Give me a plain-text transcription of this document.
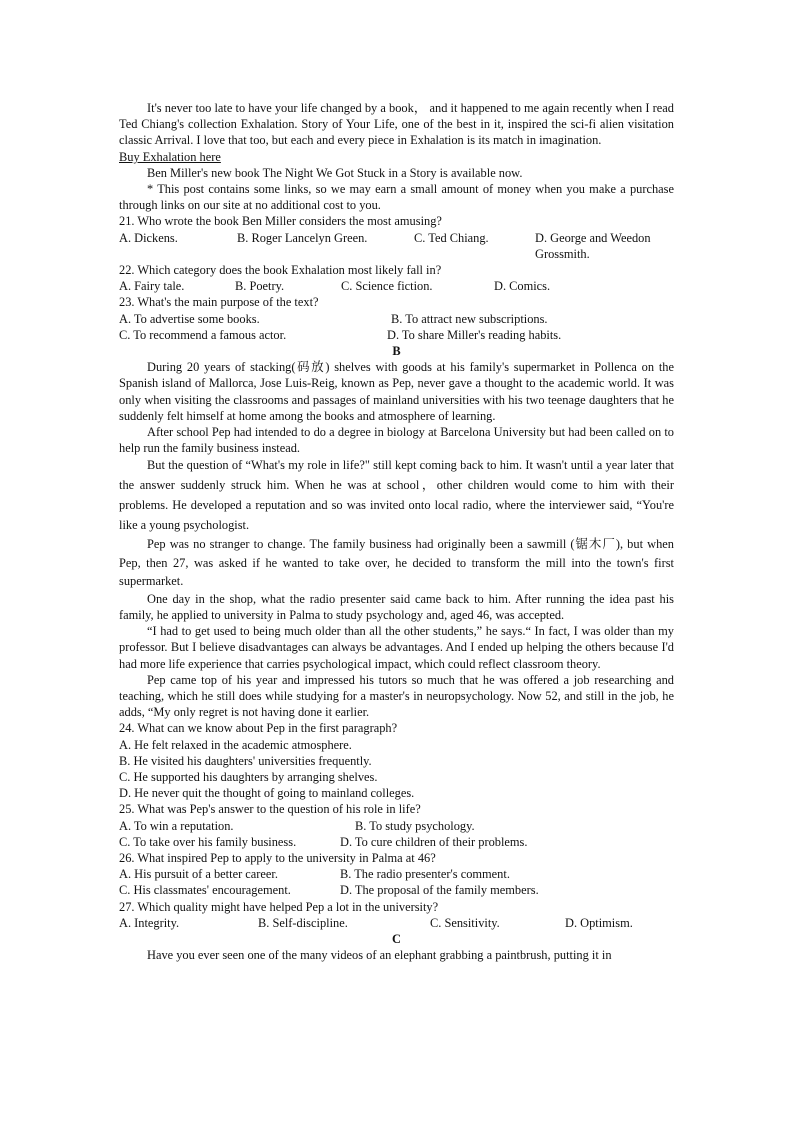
It's never too late to have your life changed by a book， and it happened to me again recently when I read Ted Chiang's collection Exhalation. Story of Your Life, one of the best in it, inspired the sci-fi alien visitation classic Arrival. I love that too, but each and every piece in Exhalation is its match in imagination.

Buy Exhalation here

Ben Miller's new book The Night We Got Stuck in a Story is available now.

* This post contains some links, so we may earn a small amount of money when you make a purchase through links on our site at no additional cost to you.

21. Who wrote the book Ben Miller considers the most amusing?

A. Dickens.	B. Roger Lancelyn Green.	C. Ted Chiang.	D. George and Weedon Grossmith.

22. Which category does the book Exhalation most likely fall in?

A. Fairy tale.	B. Poetry.	C. Science fiction.	D. Comics.

23. What's the main purpose of the text?

A. To advertise some books.	B. To attract new subscriptions.
C. To recommend a famous actor.	D. To share Miller's reading habits.

B

During 20 years of stacking(码放) shelves with goods at his family's supermarket in Pollenca on the Spanish island of Mallorca, Jose Luis-Reig, known as Pep, never gave a thought to the academic world. It was only when visiting the classrooms and passages of mainland universities with his two teenage daughters that he suddenly felt himself at home among the books and atmosphere of learning.

After school Pep had intended to do a degree in biology at Barcelona University but had been called on to help run the family business instead.

But the question of “What's my role in life?" still kept coming back to him. It wasn't until a year later that the answer suddenly struck him. When he was at school，other children would come to him with their problems. He developed a reputation and so was invited onto local radio, where the interviewer said, “You're like a young psychologist.

Pep was no stranger to change. The family business had originally been a sawmill (锯木厂), but when Pep, then 27, was asked if he wanted to take over, he decided to transform the mill into the town's first supermarket.

One day in the shop, what the radio presenter said came back to him. After running the idea past his family, he applied to university in Palma to study psychology and, aged 46, was accepted.

“I had to get used to being much older than all the other students,” he says.“ In fact, I was older than my professor. But I believe disadvantages can always be advantages. And I ended up helping the others because I'd had more life experience that carries psychological impact, which could reflect classroom theory.

Pep came top of his year and impressed his tutors so much that he was offered a job researching and teaching, which he still does while studying for a master's in neuropsychology. Now 52, and still in the job, he adds, “My only regret is not having done it earlier.

24. What can we know about Pep in the first paragraph?

A. He felt relaxed in the academic atmosphere.

B. He visited his daughters' universities frequently.

C. He supported his daughters by arranging shelves.

D. He never quit the thought of going to mainland colleges.

25. What was Pep's answer to the question of his role in life?

A. To win a reputation.	B. To study psychology.
C. To take over his family business.	D. To cure children of their problems.

26. What inspired Pep to apply to the university in Palma at 46?

A. His pursuit of a better career.	B. The radio presenter's comment.
C. His classmates' encouragement.	D. The proposal of the family members.

27. Which quality might have helped Pep a lot in the university?

A. Integrity.	B. Self-discipline.	C. Sensitivity.	D. Optimism.

C

Have you ever seen one of the many videos of an elephant grabbing a paintbrush, putting it in
